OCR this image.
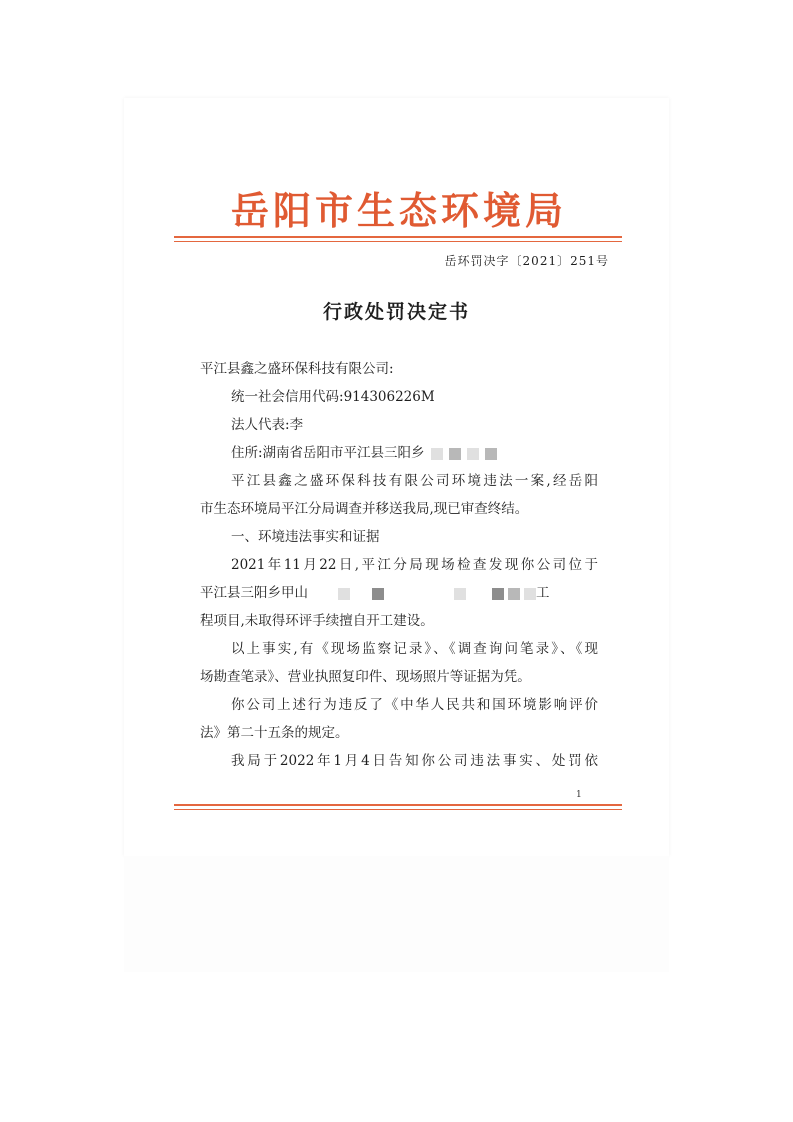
岳阳市生态环境局
岳环罚决字〔2021〕251号
行政处罚决定书
平江县鑫之盛环保科技有限公司:
统一社会信用代码:914306226M
法人代表:李
住所:湖南省岳阳市平江县三阳乡
平江县鑫之盛环保科技有限公司环境违法一案,经岳阳
市生态环境局平江分局调查并移送我局,现已审查终结。
一、环境违法事实和证据
2021年11月22日,平江分局现场检查发现你公司位于
平江县三阳乡甲山	工
程项目,未取得环评手续擅自开工建设。
以上事实,有《现场监察记录》、《调查询问笔录》、《现
场勘查笔录》、营业执照复印件、现场照片等证据为凭。
你公司上述行为违反了《中华人民共和国环境影响评价
法》第二十五条的规定。
我局于2022年1月4日告知你公司违法事实、处罚依
1
